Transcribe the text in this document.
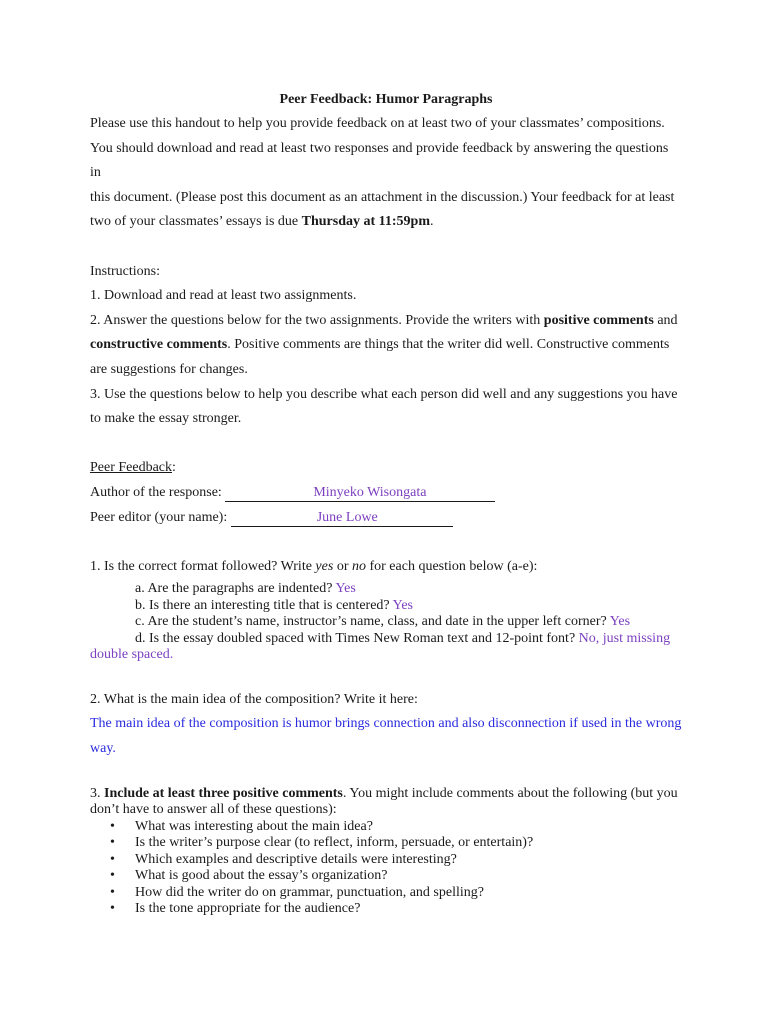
Peer Feedback: Humor Paragraphs

Please use this handout to help you provide feedback on at least two of your classmates’ compositions.

You should download and read at least two responses and provide feedback by answering the questions in

this document. (Please post this document as an attachment in the discussion.) Your feedback for at least

two of your classmates’ essays is due Thursday at 11:59pm.

Instructions:

1. Download and read at least two assignments.

2. Answer the questions below for the two assignments. Provide the writers with positive comments and

constructive comments. Positive comments are things that the writer did well. Constructive comments

are suggestions for changes.

3. Use the questions below to help you describe what each person did well and any suggestions you have

to make the essay stronger.

Peer Feedback:

Author of the response:	Minyeko Wisongata

Peer editor (your name):	June Lowe

1. Is the correct format followed? Write yes or no for each question below (a-e):

a. Are the paragraphs are indented? Yes

b. Is there an interesting title that is centered? Yes

c. Are the student’s name, instructor’s name, class, and date in the upper left corner? Yes

d. Is the essay doubled spaced with Times New Roman text and 12-point font? No, just missing

double spaced.

2. What is the main idea of the composition? Write it here:

The main idea of the composition is humor brings connection and also disconnection if used in the wrong

way.

3. Include at least three positive comments. You might include comments about the following (but you

don’t have to answer all of these questions):

• What was interesting about the main idea?
• Is the writer’s purpose clear (to reflect, inform, persuade, or entertain)?
• Which examples and descriptive details were interesting?
• What is good about the essay’s organization?
• How did the writer do on grammar, punctuation, and spelling?
• Is the tone appropriate for the audience?
